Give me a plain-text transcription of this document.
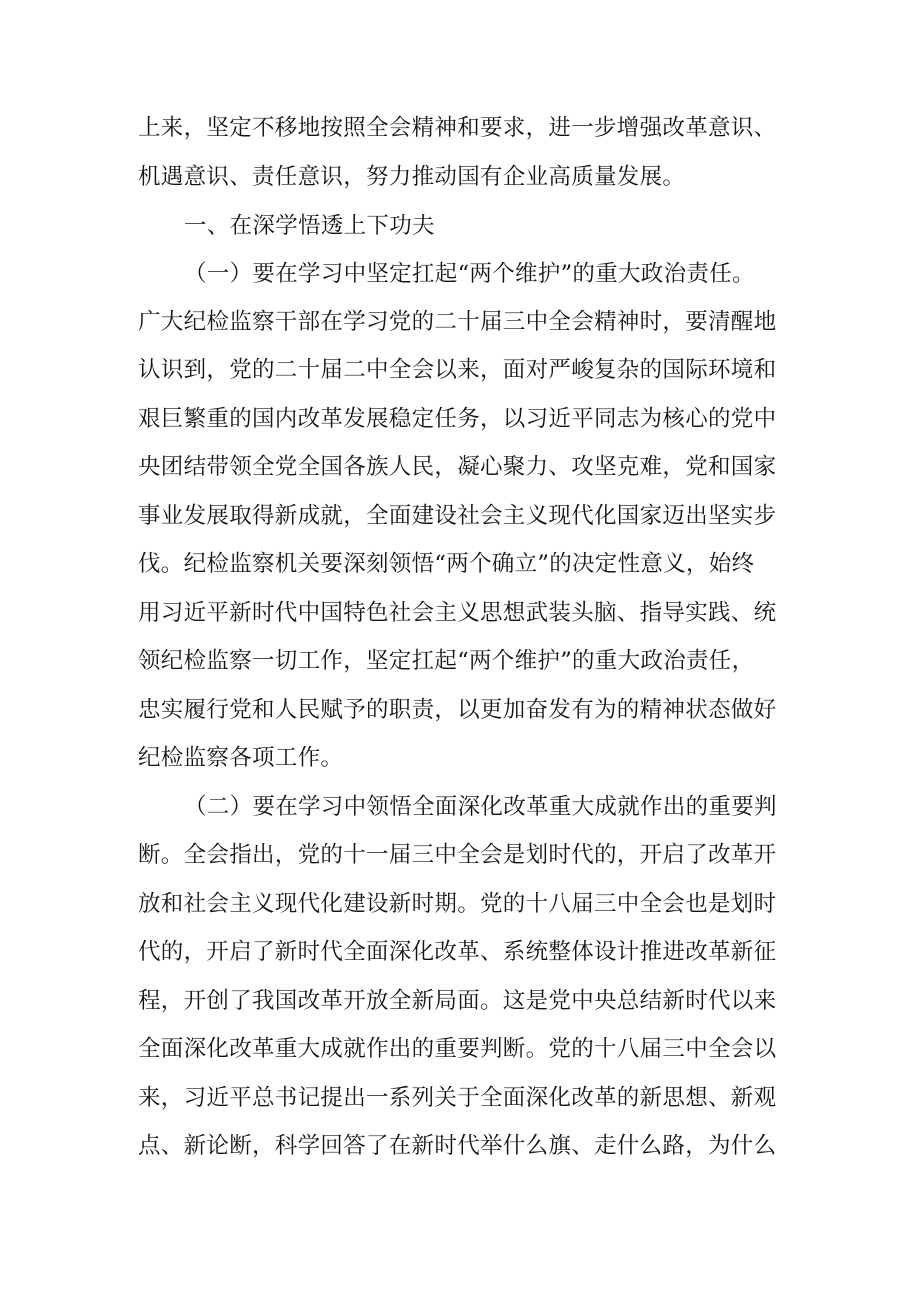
上来，坚定不移地按照全会精神和要求，进一步增强改革意识、
机遇意识、责任意识，努力推动国有企业高质量发展。
一、在深学悟透上下功夫
（一）要在学习中坚定扛起“两个维护”的重大政治责任。
广大纪检监察干部在学习党的二十届三中全会精神时，要清醒地
认识到，党的二十届二中全会以来，面对严峻复杂的国际环境和
艰巨繁重的国内改革发展稳定任务，以习近平同志为核心的党中
央团结带领全党全国各族人民，凝心聚力、攻坚克难，党和国家
事业发展取得新成就，全面建设社会主义现代化国家迈出坚实步
伐。纪检监察机关要深刻领悟“两个确立”的决定性意义，始终
用习近平新时代中国特色社会主义思想武装头脑、指导实践、统
领纪检监察一切工作，坚定扛起“两个维护”的重大政治责任，
忠实履行党和人民赋予的职责，以更加奋发有为的精神状态做好
纪检监察各项工作。
（二）要在学习中领悟全面深化改革重大成就作出的重要判
断。全会指出，党的十一届三中全会是划时代的，开启了改革开
放和社会主义现代化建设新时期。党的十八届三中全会也是划时
代的，开启了新时代全面深化改革、系统整体设计推进改革新征
程，开创了我国改革开放全新局面。这是党中央总结新时代以来
全面深化改革重大成就作出的重要判断。党的十八届三中全会以
来，习近平总书记提出一系列关于全面深化改革的新思想、新观
点、新论断，科学回答了在新时代举什么旗、走什么路，为什么
